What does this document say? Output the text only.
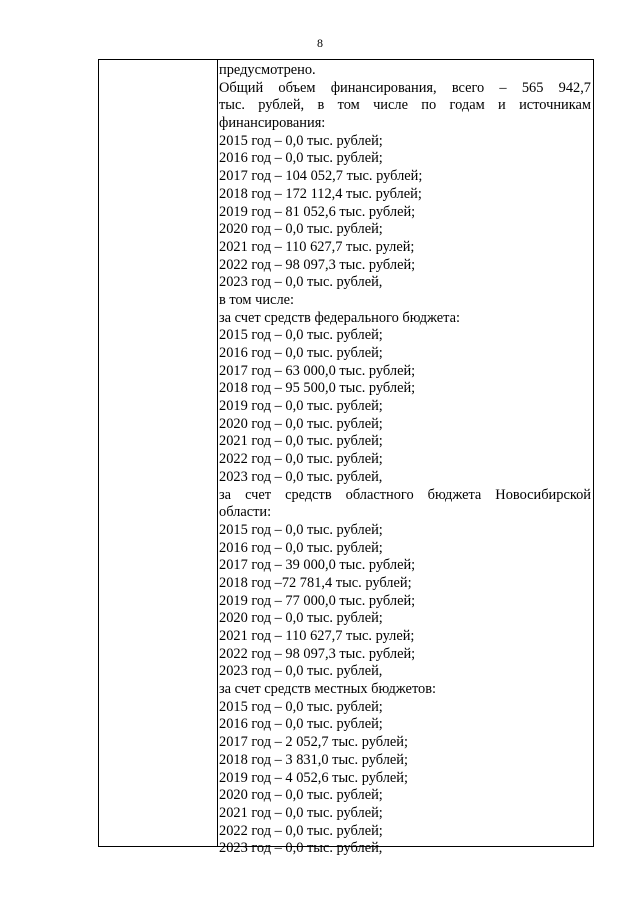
8
предусмотрено.
Общий объем финансирования, всего – 565 942,7
тыс. рублей, в том числе по годам и источникам
финансирования:
2015 год – 0,0 тыс. рублей;
2016 год – 0,0 тыс. рублей;
2017 год – 104 052,7 тыс. рублей;
2018 год – 172 112,4 тыс. рублей;
2019 год – 81 052,6 тыс. рублей;
2020 год – 0,0 тыс. рублей;
2021 год – 110 627,7 тыс. рулей;
2022 год – 98 097,3 тыс. рублей;
2023 год – 0,0 тыс. рублей,
в том числе:
за счет средств федерального бюджета:
2015 год – 0,0 тыс. рублей;
2016 год – 0,0 тыс. рублей;
2017 год – 63 000,0 тыс. рублей;
2018 год – 95 500,0 тыс. рублей;
2019 год – 0,0 тыс. рублей;
2020 год – 0,0 тыс. рублей;
2021 год – 0,0 тыс. рублей;
2022 год – 0,0 тыс. рублей;
2023 год – 0,0 тыс. рублей,
за счет средств областного бюджета Новосибирской
области:
2015 год – 0,0 тыс. рублей;
2016 год – 0,0 тыс. рублей;
2017 год – 39 000,0 тыс. рублей;
2018 год –72 781,4 тыс. рублей;
2019 год – 77 000,0 тыс. рублей;
2020 год – 0,0 тыс. рублей;
2021 год – 110 627,7 тыс. рулей;
2022 год – 98 097,3 тыс. рублей;
2023 год – 0,0 тыс. рублей,
за счет средств местных бюджетов:
2015 год – 0,0 тыс. рублей;
2016 год – 0,0 тыс. рублей;
2017 год – 2 052,7 тыс. рублей;
2018 год – 3 831,0 тыс. рублей;
2019 год – 4 052,6 тыс. рублей;
2020 год – 0,0 тыс. рублей;
2021 год – 0,0 тыс. рублей;
2022 год – 0,0 тыс. рублей;
2023 год – 0,0 тыс. рублей,
